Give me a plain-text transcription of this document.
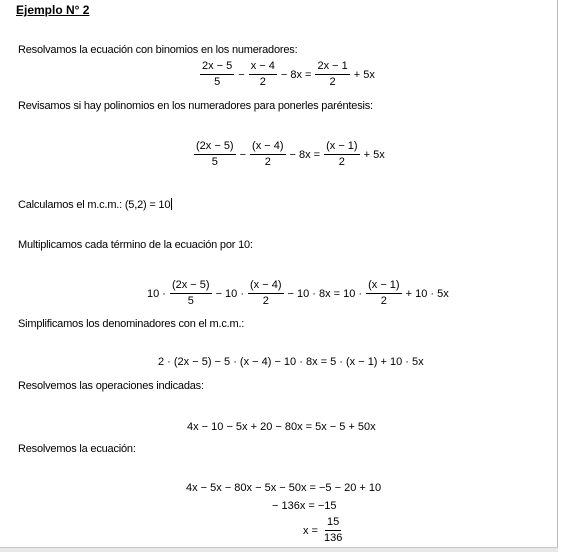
Ejemplo N° 2
Resolvamos la ecuación con binomios en los numeradores:
$\frac{2x - 5}{5} - \frac{x - 4}{2} - 8x = \frac{2x - 1}{2} + 5x$
Revisamos si hay polinomios en los numeradores para ponerles paréntesis:
$\frac{(2x - 5)}{5} - \frac{(x - 4)}{2} - 8x = \frac{(x - 1)}{2} + 5x$
Calculamos el m.c.m.: (5,2) = 10
Multiplicamos cada término de la ecuación por 10:
$10 \cdot \frac{(2x - 5)}{5} - 10 \cdot \frac{(x - 4)}{2} - 10 \cdot 8x = 10 \cdot \frac{(x - 1)}{2} + 10 \cdot 5x$
Simplificamos los denominadores con el m.c.m.:
2 · (2x − 5) − 5 · (x − 4) − 10 · 8x = 5 · (x − 1) + 10 · 5x
Resolvemos las operaciones indicadas:
4x − 10 − 5x + 20 − 80x = 5x − 5 + 50x
Resolvemos la ecuación:
4x − 5x − 80x − 5x − 50x = −5 − 20 + 10
− 136x = −15
$x = \frac{15}{136}$
